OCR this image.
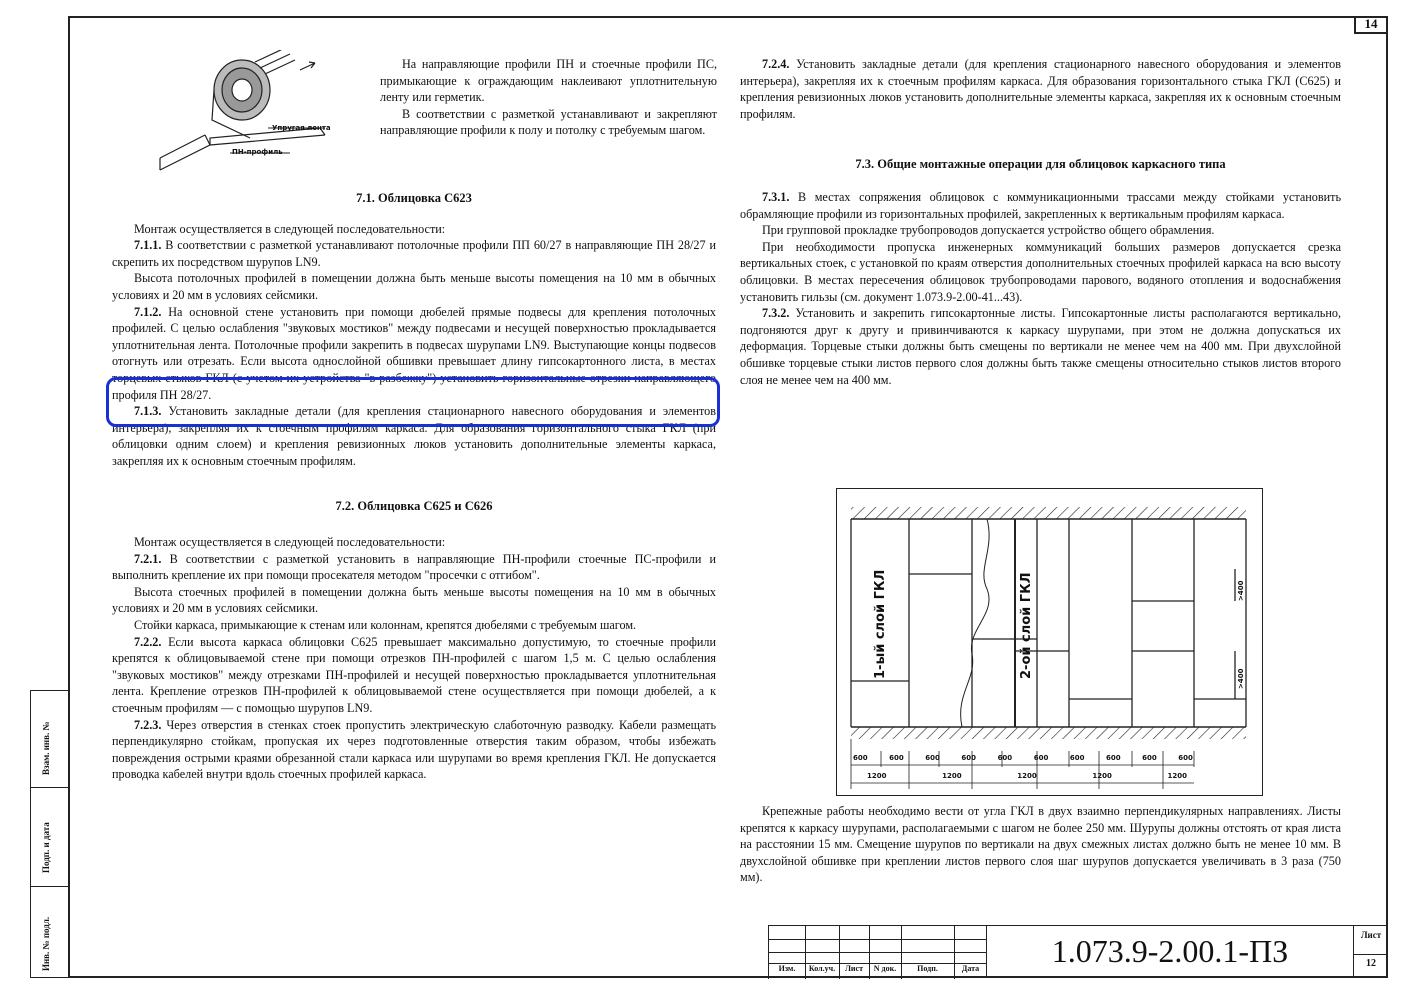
14
Упругая лента
ПН-профиль

На направляющие профили ПН и стоечные профили ПС, примыкающие к ограждающим наклеивают уплотнительную ленту или герметик.

В соответствии с разметкой устанавливают и закрепляют направляющие профили к полу и потолку с требуемым шагом.

7.1. Облицовка С623

Монтаж осуществляется в следующей последовательности:

7.1.1. В соответствии с разметкой устанавливают потолочные профили ПП 60/27 в направляющие ПН 28/27 и скрепить их посредством шурупов LN9.

Высота потолочных профилей в помещении должна быть меньше высоты помещения на 10 мм в обычных условиях и 20 мм в условиях сейсмики.

7.1.2. На основной стене установить при помощи дюбелей прямые подвесы для крепления потолочных профилей. С целью ослабления "звуковых мостиков" между подвесами и несущей поверхностью прокладывается уплотнительная лента. Потолочные профили закрепить в подвесах шурупами LN9. Выступающие концы подвесов отогнуть или отрезать. Если высота однослойной обшивки превышает длину гипсокартонного листа, в местах торцевых стыков ГКЛ (с учетом их устройства "в разбежку") установить горизонтальные отрезки направляющего профиля ПН 28/27.

7.1.3. Установить закладные детали (для крепления стационарного навесного оборудования и элементов интерьера), закрепляя их к стоечным профилям каркаса. Для образования горизонтального стыка ГКЛ (при облицовки одним слоем) и крепления ревизионных люков установить дополнительные элементы каркаса, закрепляя их к основным стоечным профилям.

7.2. Облицовка С625 и С626

Монтаж осуществляется в следующей последовательности:

7.2.1. В соответствии с разметкой установить в направляющие ПН-профили стоечные ПС-профили и выполнить крепление их при помощи просекателя методом "просечки с отгибом".

Высота стоечных профилей в помещении должна быть меньше высоты помещения на 10 мм в обычных условиях и 20 мм в условиях сейсмики.

Стойки каркаса, примыкающие к стенам или колоннам, крепятся дюбелями с требуемым шагом.

7.2.2. Если высота каркаса облицовки С625 превышает максимально допустимую, то стоечные профили крепятся к облицовываемой стене при помощи отрезков ПН-профилей с шагом 1,5 м. С целью ослабления "звуковых мостиков" между отрезками ПН-профилей и несущей поверхностью прокладывается уплотнительная лента. Крепление отрезков ПН-профилей к облицовываемой стене осуществляется при помощи дюбелей, а к стоечным профилям — с помощью шурупов LN9.

7.2.3. Через отверстия в стенках стоек пропустить электрическую слаботочную разводку. Кабели размещать перпендикулярно стойкам, пропуская их через подготовленные отверстия таким образом, чтобы избежать повреждения острыми краями обрезанной стали каркаса или шурупами во время крепления ГКЛ. Не допускается проводка кабелей внутри вдоль стоечных профилей каркаса.

7.2.4. Установить закладные детали (для крепления стационарного навесного оборудования и элементов интерьера), закрепляя их к стоечным профилям каркаса. Для образования горизонтального стыка ГКЛ (С625) и крепления ревизионных люков установить дополнительные элементы каркаса, закрепляя их к основным стоечным профилям.

7.3. Общие монтажные операции для облицовок каркасного типа

7.3.1. В местах сопряжения облицовок с коммуникационными трассами между стойками установить обрамляющие профили из горизонтальных профилей, закрепленных к вертикальным профилям каркаса.

При групповой прокладке трубопроводов допускается устройство общего обрамления.

При необходимости пропуска инженерных коммуникаций больших размеров допускается срезка вертикальных стоек, с установкой по краям отверстия дополнительных стоечных профилей каркаса на всю высоту облицовки. В местах пересечения облицовок трубопроводами парового, водяного отопления и водоснабжения установить гильзы (см. документ 1.073.9-2.00-41...43).

7.3.2. Установить и закрепить гипсокартонные листы. Гипсокартонные листы располагаются вертикально, подгоняются друг к другу и привинчиваются к каркасу шурупами, при этом не должна допускаться их деформация. Торцевые стыки должны быть смещены по вертикали не менее чем на 400 мм. При двухслойной обшивке торцевые стыки листов первого слоя должны быть также смещены относительно стыков листов второго слоя не менее чем на 400 мм.

1-ый слой ГКЛ	2-ой слой ГКЛ	>400
>400
600	600	600	600	600	600	600	600	600	600
1200	1200	1200	1200	1200

Крепежные работы необходимо вести от угла ГКЛ в двух взаимно перпендикулярных направлениях. Листы крепятся к каркасу шурупами, располагаемыми с шагом не более 250 мм. Шурупы должны отстоять от края листа на расстоянии 15 мм. Смещение шурупов по вертикали на двух смежных листах должно быть не менее 10 мм. В двухслойной обшивке при креплении листов первого слоя шаг шурупов допускается увеличивать в 3 раза (750 мм).

Инв. № подл.
Подп. и дата
Взам. инв. №
Изм.	Кол.уч.	Лист	N док.	Подп.	Дата	1.073.9-2.00.1-ПЗ	Лист
12
